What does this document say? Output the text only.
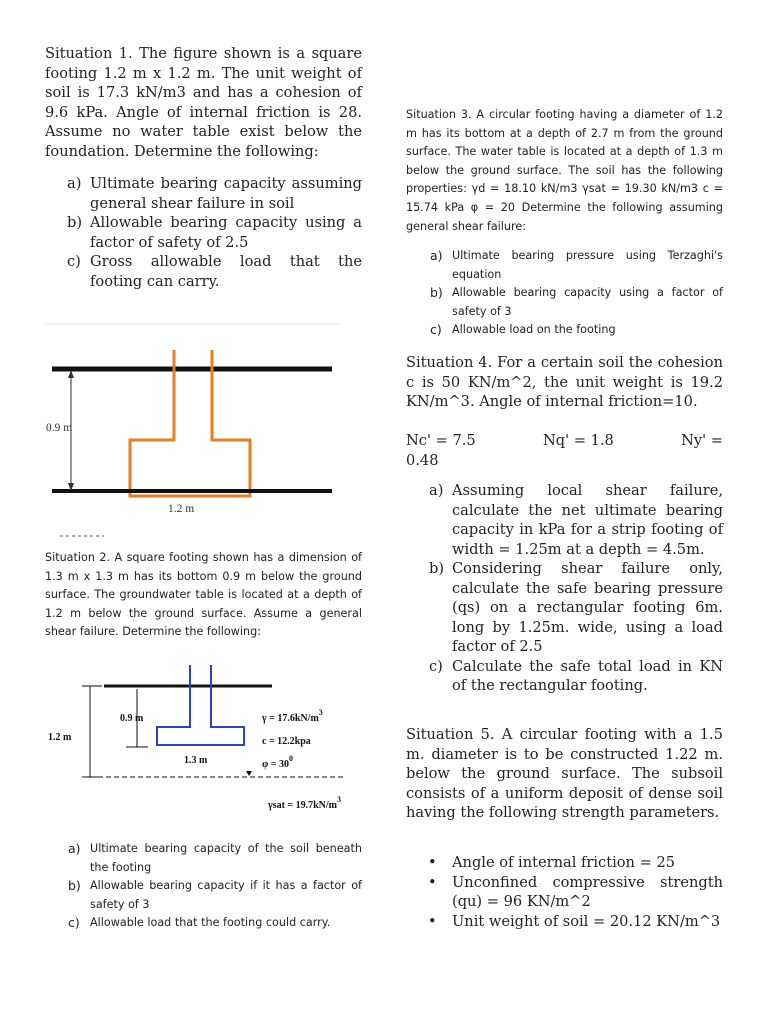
Situation 1. The figure shown is a square footing 1.2 m x 1.2 m. The unit weight of soil is 17.3 kN/m3 and has a cohesion of 9.6 kPa. Angle of internal friction is 28. Assume no water table exist below the foundation. Determine the following:
a) Ultimate bearing capacity assuming general shear failure in soil
b) Allowable bearing capacity using a factor of safety of 2.5
c) Gross allowable load that the footing can carry.
0.9 m
1.2 m
Situation 2. A square footing shown has a dimension of 1.3 m x 1.3 m has its bottom 0.9 m below the ground surface. The groundwater table is located at a depth of 1.2 m below the ground surface. Assume a general shear failure. Determine the following:
1.2 m
0.9 m
1.3 m
$\gamma = 17.6kN/m^3$
c = 12.2kpa
$\varphi = 30^0$
$\gamma sat = 19.7kN/m^3$
a) Ultimate bearing capacity of the soil beneath the footing
b) Allowable bearing capacity if it has a factor of safety of 3
c) Allowable load that the footing could carry.
Situation 3. A circular footing having a diameter of 1.2 m has its bottom at a depth of 2.7 m from the ground surface. The water table is located at a depth of 1.3 m below the ground surface. The soil has the following properties: γd = 18.10 kN/m3 γsat = 19.30 kN/m3 c = 15.74 kPa φ = 20 Determine the following assuming general shear failure:
a) Ultimate bearing pressure using Terzaghi's equation
b) Allowable bearing capacity using a factor of safety of 3
c) Allowable load on the footing
Situation 4. For a certain soil the cohesion c is 50 KN/m^2, the unit weight is 19.2 KN/m^3. Angle of internal friction=10.
Nc' = 7.5	Nq' = 1.8	Ny' =
0.48
a) Assuming local shear failure, calculate the net ultimate bearing capacity in kPa for a strip footing of width = 1.25m at a depth = 4.5m.
b) Considering shear failure only, calculate the safe bearing pressure (qs) on a rectangular footing 6m. long by 1.25m. wide, using a load factor of 2.5
c) Calculate the safe total load in KN of the rectangular footing.
Situation 5. A circular footing with a 1.5 m. diameter is to be constructed 1.22 m. below the ground surface. The subsoil consists of a uniform deposit of dense soil having the following strength parameters.
• Angle of internal friction = 25
• Unconfined compressive strength (qu) = 96 KN/m^2
• Unit weight of soil = 20.12 KN/m^3
